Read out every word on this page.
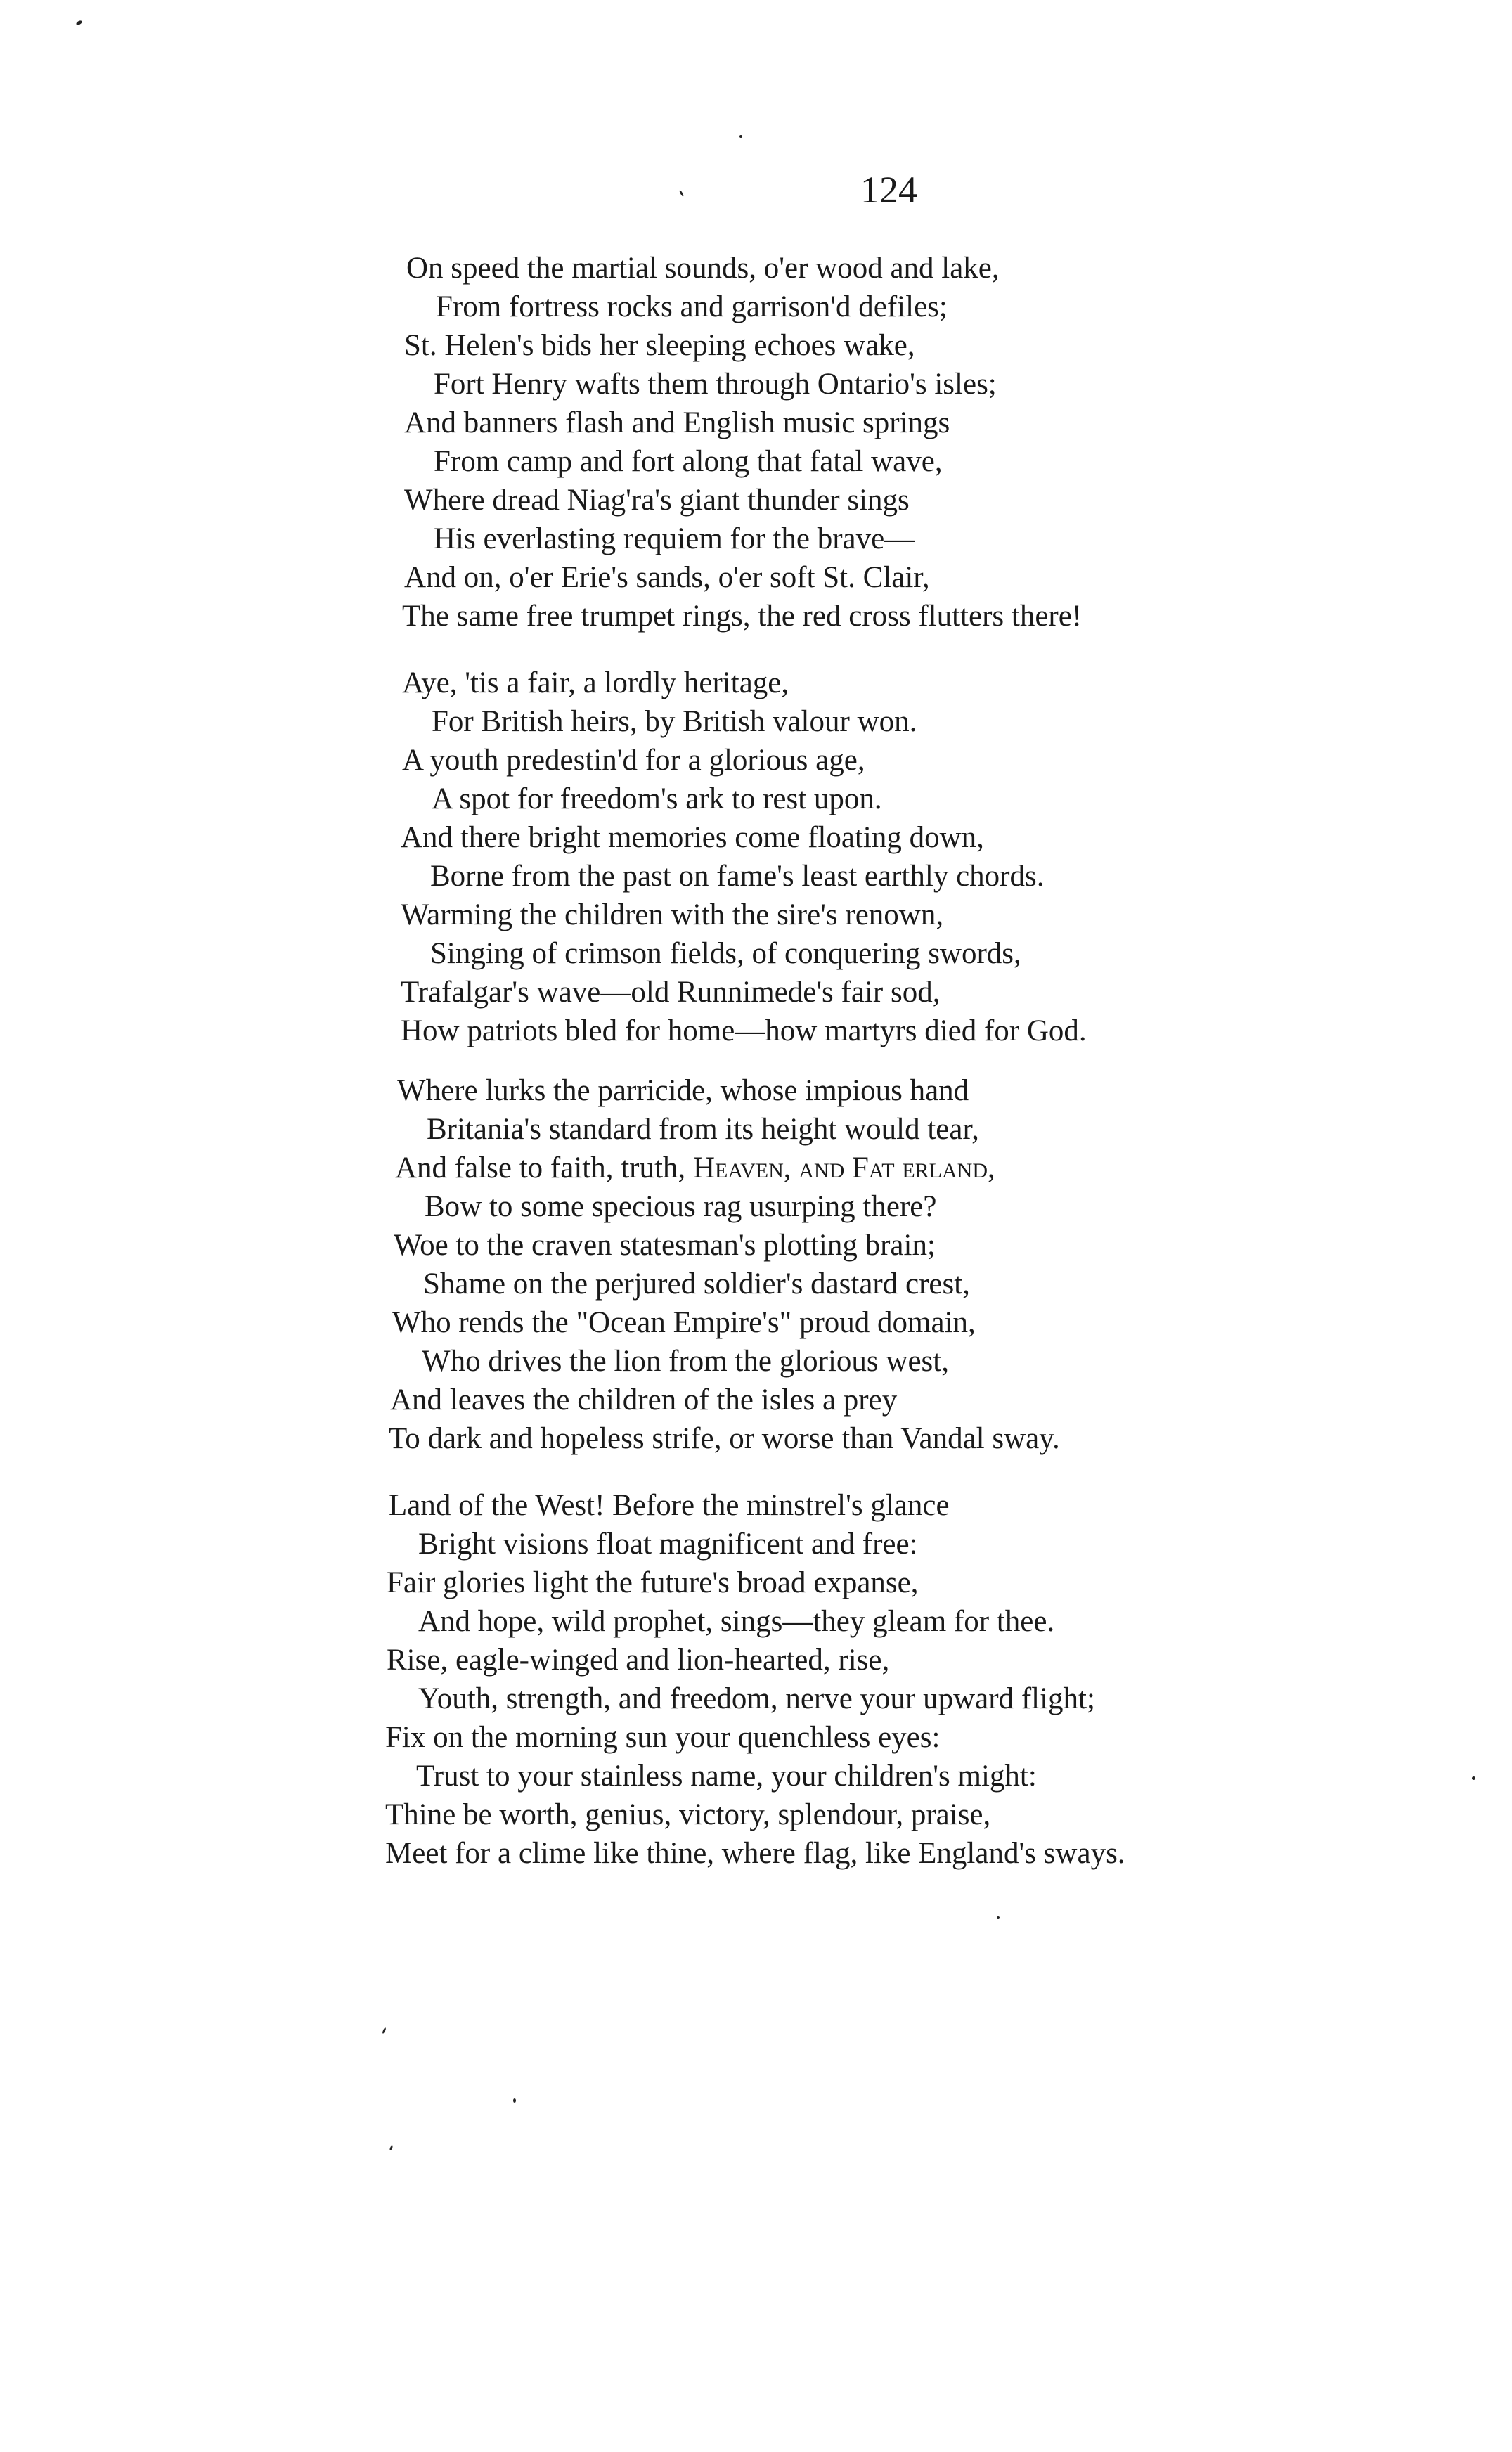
124
On speed the martial sounds, o'er wood and lake,
From fortress rocks and garrison'd defiles;
St. Helen's bids her sleeping echoes wake,
Fort Henry wafts them through Ontario's isles;
And banners flash and English music springs
From camp and fort along that fatal wave,
Where dread Niag'ra's giant thunder sings
His everlasting requiem for the brave—
And on, o'er Erie's sands, o'er soft St. Clair,
The same free trumpet rings, the red cross flutters there!
Aye, 'tis a fair, a lordly heritage,
For British heirs, by British valour won.
A youth predestin'd for a glorious age,
A spot for freedom's ark to rest upon.
And there bright memories come floating down,
Borne from the past on fame's least earthly chords.
Warming the children with the sire's renown,
Singing of crimson fields, of conquering swords,
Trafalgar's wave—old Runnimede's fair sod,
How patriots bled for home—how martyrs died for God.
Where lurks the parricide, whose impious hand
Britania's standard from its height would tear,
And false to faith, truth, Heaven, and Fat erland,
Bow to some specious rag usurping there?
Woe to the craven statesman's plotting brain;
Shame on the perjured soldier's dastard crest,
Who rends the "Ocean Empire's" proud domain,
Who drives the lion from the glorious west,
And leaves the children of the isles a prey
To dark and hopeless strife, or worse than Vandal sway.
Land of the West! Before the minstrel's glance
Bright visions float magnificent and free:
Fair glories light the future's broad expanse,
And hope, wild prophet, sings—they gleam for thee.
Rise, eagle-winged and lion-hearted, rise,
Youth, strength, and freedom, nerve your upward flight;
Fix on the morning sun your quenchless eyes:
Trust to your stainless name, your children's might:
Thine be worth, genius, victory, splendour, praise,
Meet for a clime like thine, where flag, like England's sways.
